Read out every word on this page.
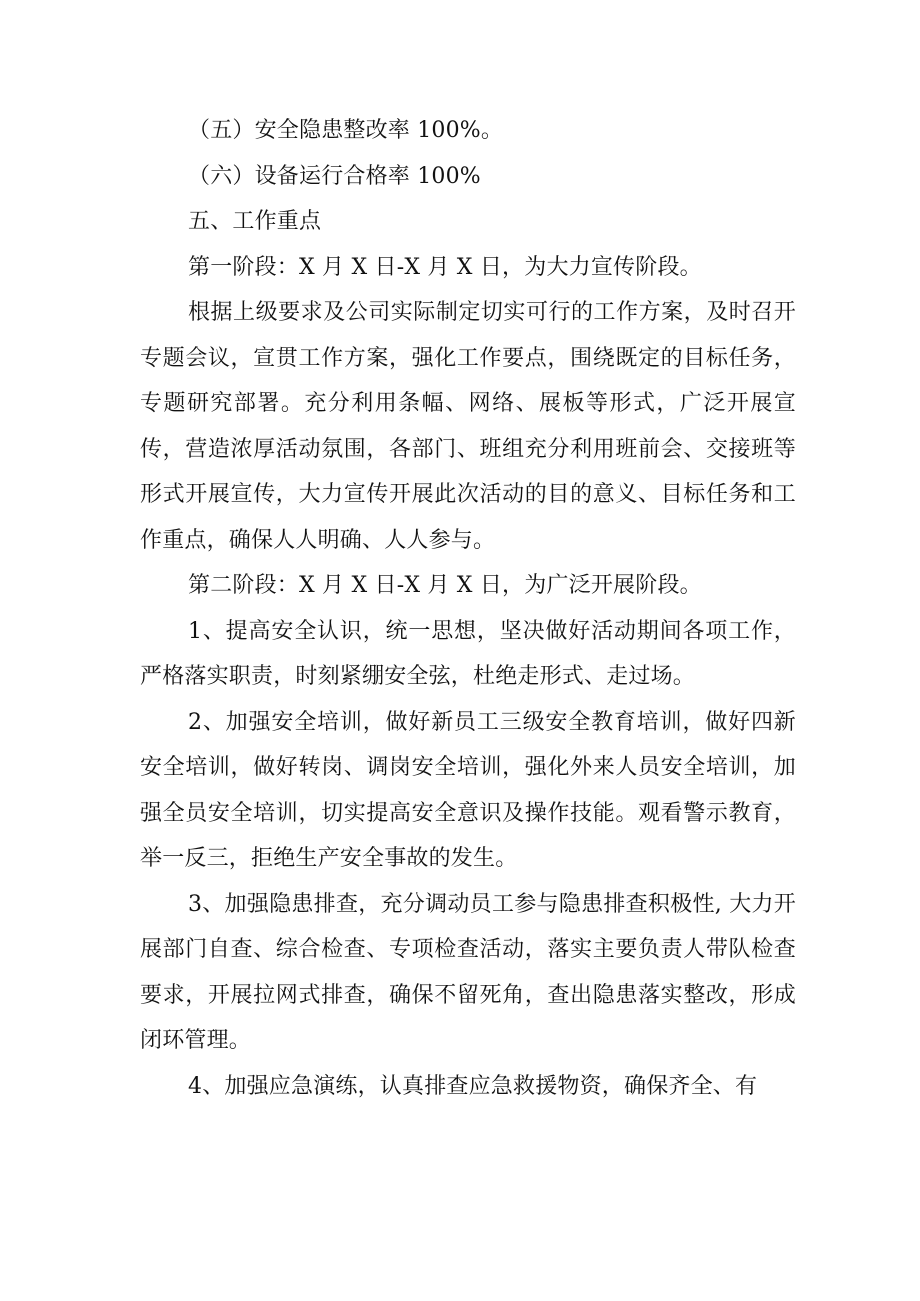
（五）安全隐患整改率 100%。

（六）设备运行合格率 100%

五、工作重点

第一阶段：X 月 X 日-X 月 X 日，为大力宣传阶段。

根据上级要求及公司实际制定切实可行的工作方案，及时召开专题会议，宣贯工作方案，强化工作要点，围绕既定的目标任务，专题研究部署。充分利用条幅、网络、展板等形式，广泛开展宣传，营造浓厚活动氛围，各部门、班组充分利用班前会、交接班等形式开展宣传，大力宣传开展此次活动的目的意义、目标任务和工作重点，确保人人明确、人人参与。

第二阶段：X 月 X 日-X 月 X 日，为广泛开展阶段。

1、提高安全认识，统一思想，坚决做好活动期间各项工作，严格落实职责，时刻紧绷安全弦，杜绝走形式、走过场。

2、加强安全培训，做好新员工三级安全教育培训，做好四新安全培训，做好转岗、调岗安全培训，强化外来人员安全培训，加强全员安全培训，切实提高安全意识及操作技能。观看警示教育，举一反三，拒绝生产安全事故的发生。

3、加强隐患排查，充分调动员工参与隐患排查积极性, 大力开展部门自查、综合检查、专项检查活动，落实主要负责人带队检查要求，开展拉网式排查，确保不留死角，查出隐患落实整改，形成闭环管理。

4、加强应急演练，认真排查应急救援物资，确保齐全、有
